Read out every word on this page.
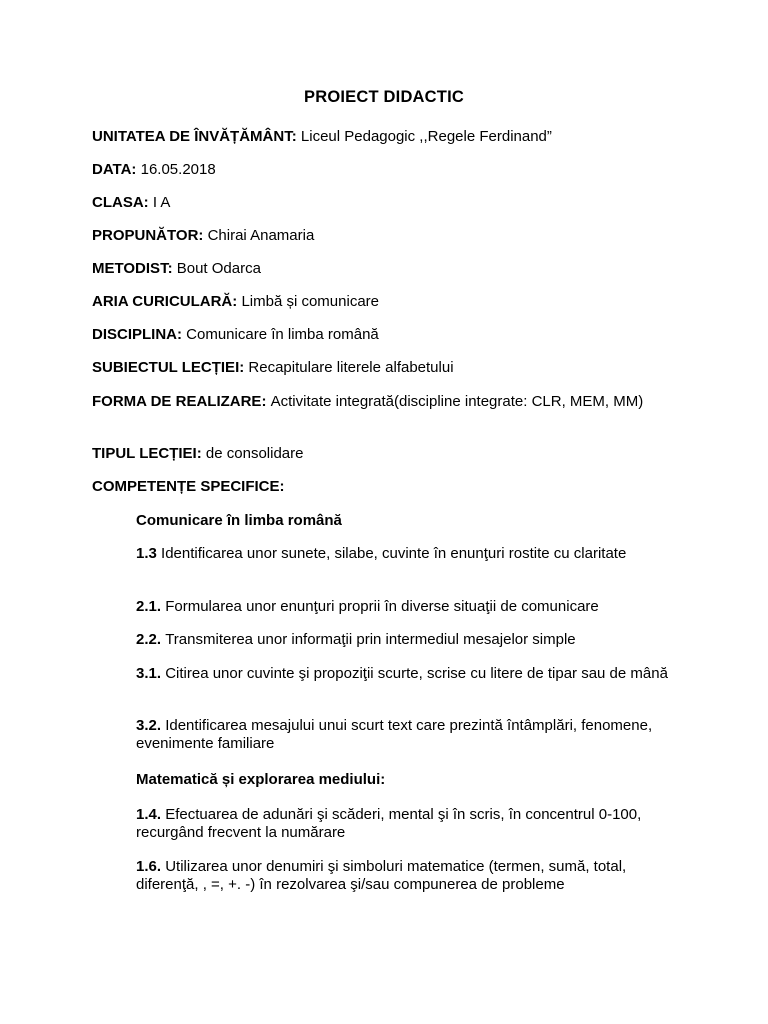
PROIECT DIDACTIC
UNITATEA DE ÎNVĂȚĂMÂNT: Liceul Pedagogic ,,Regele Ferdinand”
DATA: 16.05.2018
CLASA: I A
PROPUNĂTOR: Chirai Anamaria
METODIST: Bout Odarca
ARIA CURICULARĂ: Limbă și comunicare
DISCIPLINA: Comunicare în limba română
SUBIECTUL LECȚIEI: Recapitulare literele alfabetului
FORMA DE REALIZARE: Activitate integrată(discipline integrate: CLR, MEM, MM)
TIPUL LECȚIEI: de consolidare
COMPETENȚE SPECIFICE:
Comunicare în limba română
1.3 Identificarea unor sunete, silabe, cuvinte în enunţuri rostite cu claritate
2.1. Formularea unor enunţuri proprii în diverse situaţii de comunicare
2.2. Transmiterea unor informaţii prin intermediul mesajelor simple
3.1. Citirea unor cuvinte şi propoziţii scurte, scrise cu litere de tipar sau de mână
3.2. Identificarea mesajului unui scurt text care prezintă întâmplări, fenomene, evenimente familiare
Matematică și explorarea mediului:
1.4. Efectuarea de adunări şi scăderi, mental şi în scris, în concentrul 0-100, recurgând frecvent la numărare
1.6. Utilizarea unor denumiri şi simboluri matematice (termen, sumă, total, diferenţă, , =, +. -) în rezolvarea şi/sau compunerea de probleme
